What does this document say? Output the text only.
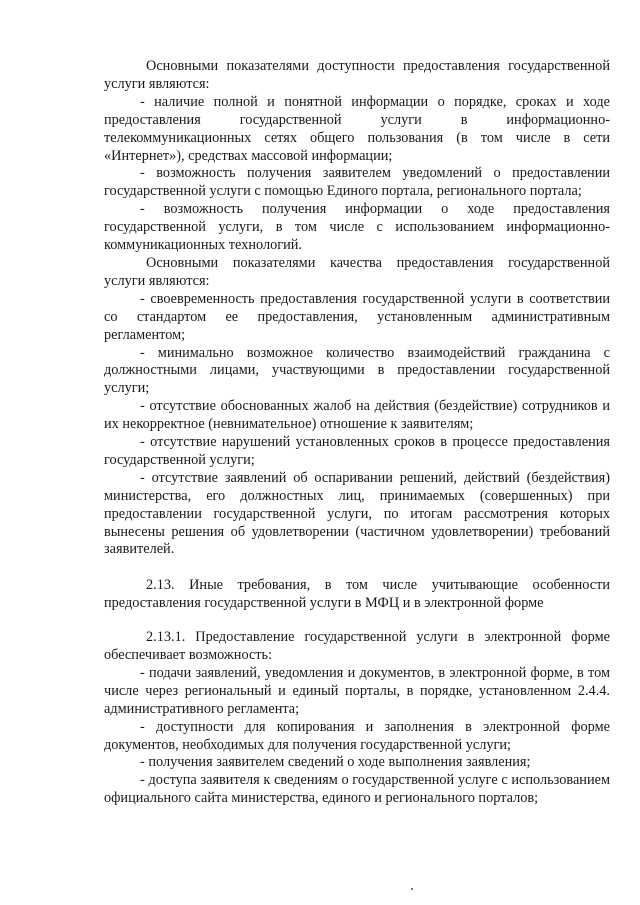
Основными показателями доступности предоставления государственной услуги являются:

- наличие полной и понятной информации о порядке, сроках и ходе предоставления государственной услуги в информационно-телекоммуникационных сетях общего пользования (в том числе в сети «Интернет»), средствах массовой информации;

- возможность получения заявителем уведомлений о предоставлении государственной услуги с помощью Единого портала, регионального портала;

- возможность получения информации о ходе предоставления государственной услуги, в том числе с использованием информационно-коммуникационных технологий.

Основными показателями качества предоставления государственной услуги являются:

- своевременность предоставления государственной услуги в соответствии со стандартом ее предоставления, установленным административным регламентом;

- минимально возможное количество взаимодействий гражданина с должностными лицами, участвующими в предоставлении государственной услуги;

- отсутствие обоснованных жалоб на действия (бездействие) сотрудников и их некорректное (невнимательное) отношение к заявителям;

- отсутствие нарушений установленных сроков в процессе предоставления государственной услуги;

- отсутствие заявлений об оспаривании решений, действий (бездействия) министерства, его должностных лиц, принимаемых (совершенных) при предоставлении государственной услуги, по итогам рассмотрения которых вынесены решения об удовлетворении (частичном удовлетворении) требований заявителей.

2.13. Иные требования, в том числе учитывающие особенности предоставления государственной услуги в МФЦ и в электронной форме

2.13.1. Предоставление государственной услуги в электронной форме обеспечивает возможность:

- подачи заявлений, уведомления и документов, в электронной форме, в том числе через региональный и единый порталы, в порядке, установленном 2.4.4. административного регламента;

- доступности для копирования и заполнения в электронной форме документов, необходимых для получения государственной услуги;

- получения заявителем сведений о ходе выполнения заявления;

- доступа заявителя к сведениям о государственной услуге с использованием официального сайта министерства, единого и регионального порталов;
